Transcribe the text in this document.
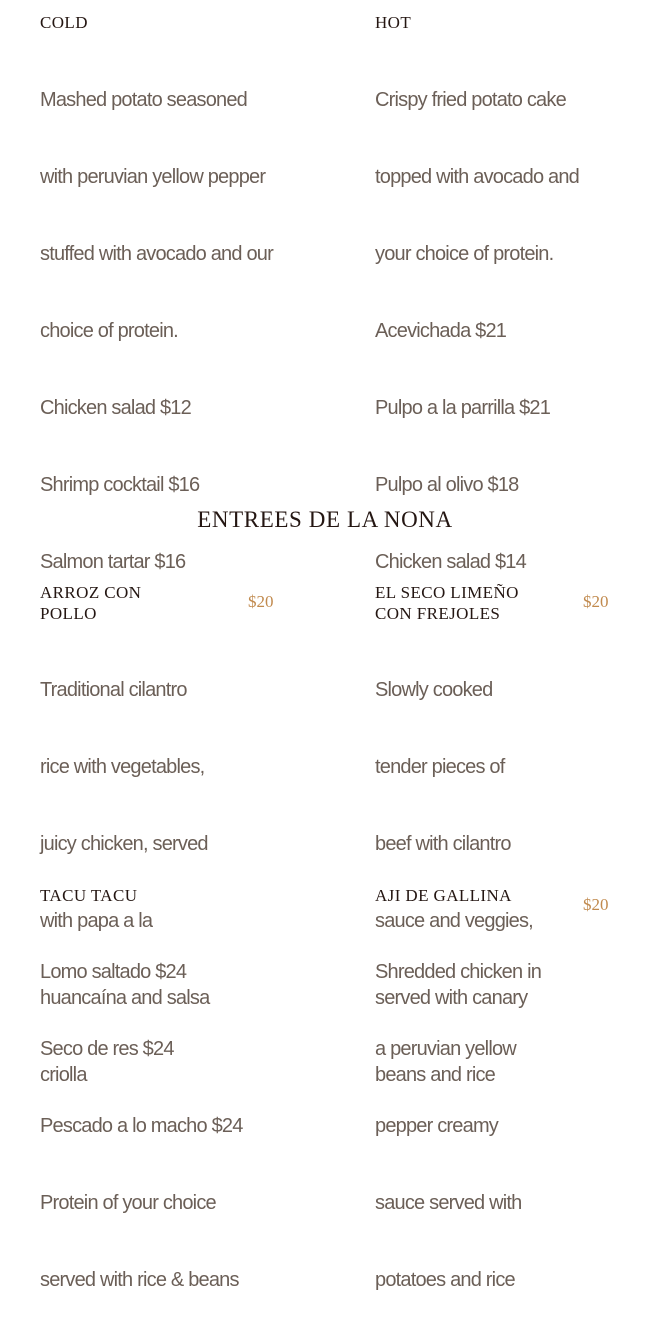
COLD

Mashed potato seasoned

with peruvian yellow pepper

stuffed with avocado and our

choice of protein.

Chicken salad $12

Shrimp cocktail $16

Salmon tartar $16

HOT

Crispy fried potato cake

topped with avocado and

your choice of protein.

Acevichada $21

Pulpo a la parrilla $21

Pulpo al olivo $18

Chicken salad $14

ENTREES DE LA NONA
ARROZ CON
POLLO
$20

Traditional cilantro

rice with vegetables,

juicy chicken, served

with papa a la

huancaína and salsa

criolla

EL SECO LIMEÑO
CON FREJOLES
$20

Slowly cooked

tender pieces of

beef with cilantro

sauce and veggies,

served with canary

beans and rice

TACU TACU

Lomo saltado $24

Seco de res $24

Pescado a lo macho $24

Protein of your choice

served with rice & beans

AJI DE GALLINA	$20

Shredded chicken in

a peruvian yellow

pepper creamy

sauce served with

potatoes and rice
